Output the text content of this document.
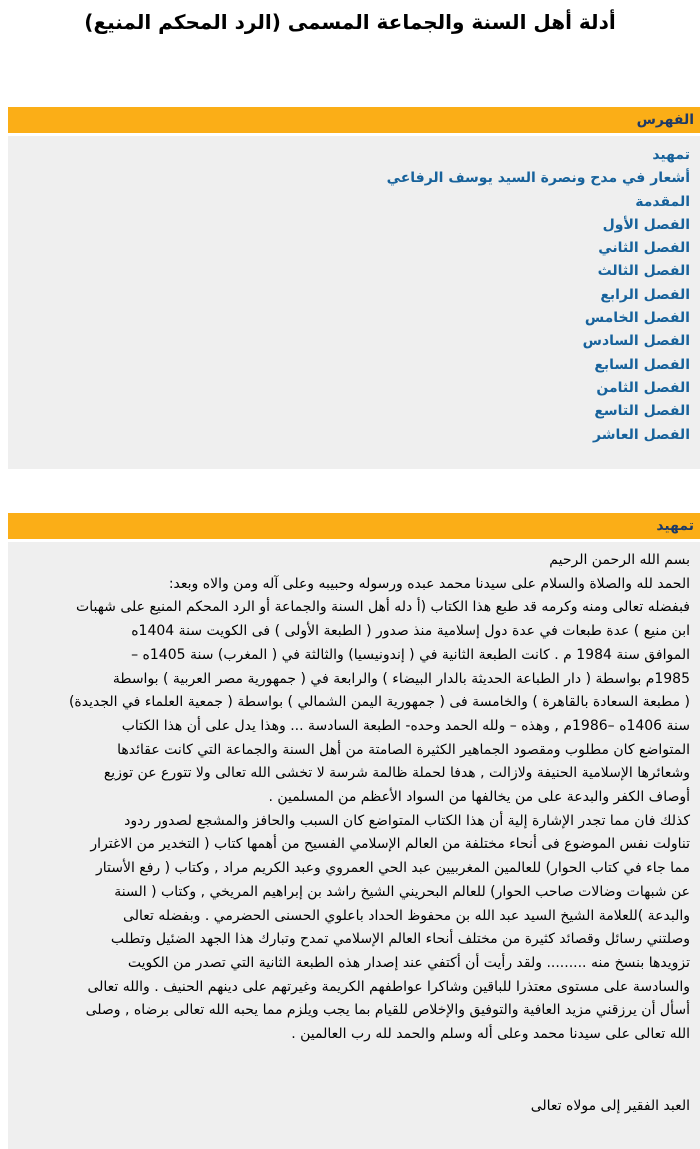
أدلة أهل السنة والجماعة المسمى (الرد المحكم المنيع)
الفهرس
تمهيد
أشعار في مدح ونصرة السيد يوسف الرفاعي
المقدمة
الفصل الأول
الفصل الثاني
الفصل الثالث
الفصل الرابع
الفصل الخامس
الفصل السادس
الفصل السابع
الفصل الثامن
الفصل التاسع
الفصل العاشر
تمهيد
بسم الله الرحمن الرحيم
الحمد لله والصلاة والسلام على سيدنا محمد عبده ورسوله وحبيبه وعلى آله ومن والاه وبعد:
فبفضله تعالى ومنه وكرمه قد طبع هذا الكتاب (أ دله أهل السنة والجماعة أو الرد المحكم المنيع على شهبات
ابن منيع ) عدة طبعات في عدة دول إسلامية منذ صدور ( الطبعة الأولى ) فى الكويت سنة 1404ه
الموافق سنة 1984 م . كانت الطبعة الثانية في ( إندونيسيا) والثالثة في ( المغرب) سنة 1405ه –
1985م بواسطة ( دار الطباعة الحديثة بالدار البيضاء ) والرابعة في ( جمهورية مصر العربية ) بواسطة
( مطبعة السعادة بالقاهرة ) والخامسة فى ( جمهورية اليمن الشمالي ) بواسطة ( جمعية العلماء في الجديدة)
سنة 1406ه –1986م , وهذه – ولله الحمد وحده- الطبعة السادسة ... وهذا يدل على أن هذا الكتاب
المتواضع كان مطلوب ومقصود الجماهير الكثيرة الصامتة من أهل السنة والجماعة التي كانت عقائدها
وشعائرها الإسلامية الحنيفة ولازالت , هدفا لحملة ظالمة شرسة لا تخشى الله تعالى ولا تتورع عن توزيع
أوصاف الكفر والبدعة على من يخالفها من السواد الأعظم من المسلمين .
كذلك فان مما تجدر الإشارة إلية أن هذا الكتاب المتواضع كان السبب والحافز والمشجع لصدور ردود
تناولت نفس الموضوع فى أنحاء مختلفة من العالم الإسلامي الفسيح من أهمها كتاب ( التخدير من الاغترار
مما جاء في كتاب الحوار) للعالمين المغربيين عبد الحي العمروي وعبد الكريم مراد , وكتاب ( رفع الأستار
عن شبهات وضالات صاحب الحوار) للعالم البحريني الشيخ راشد بن إبراهيم المريخي , وكتاب ( السنة
والبدعة )للعلامة الشيخ السيد عبد الله بن محفوظ الحداد باعلوي الحسنى الحضرمي . وبفضله تعالى
وصلتني رسائل وقصائد كثيرة من مختلف أنحاء العالم الإسلامي تمدح وتبارك هذا الجهد الضئيل وتطلب
تزويدها بنسخ منه ......... ولقد رأيت أن أكتفي عند إصدار هذه الطبعة الثانية التي تصدر من الكويت
والسادسة على مستوى معتذرا للباقين وشاكرا عواطفهم الكريمة وغيرتهم على دينهم الحنيف . والله تعالى
أسأل أن يرزقني مزيد العافية والتوفيق والإخلاص للقيام بما يجب ويلزم مما يحبه الله تعالى برضاه , وصلى
الله تعالى على سيدنا محمد وعلى أله وسلم والحمد لله رب العالمين .
العبد الفقير إلى مولاه تعالى
